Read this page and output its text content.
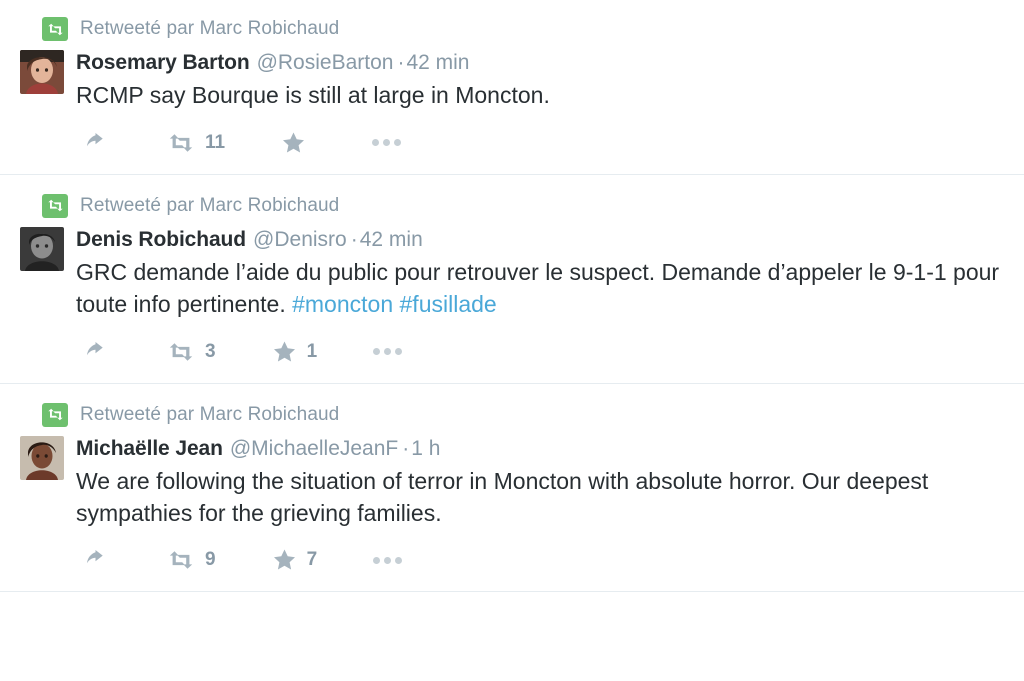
Retweeté par Marc Robichaud
Rosemary Barton @RosieBarton ·42 min
RCMP say Bourque is still at large in Moncton.
11
Retweeté par Marc Robichaud
Denis Robichaud @Denisro ·42 min
GRC demande l’aide du public pour retrouver le suspect. Demande d’appeler le 9-1-1 pour toute info pertinente. #moncton #fusillade
3	1
Retweeté par Marc Robichaud
Michaëlle Jean @MichaelleJeanF ·1 h
We are following the situation of terror in Moncton with absolute horror. Our deepest sympathies for the grieving families.
9	7
